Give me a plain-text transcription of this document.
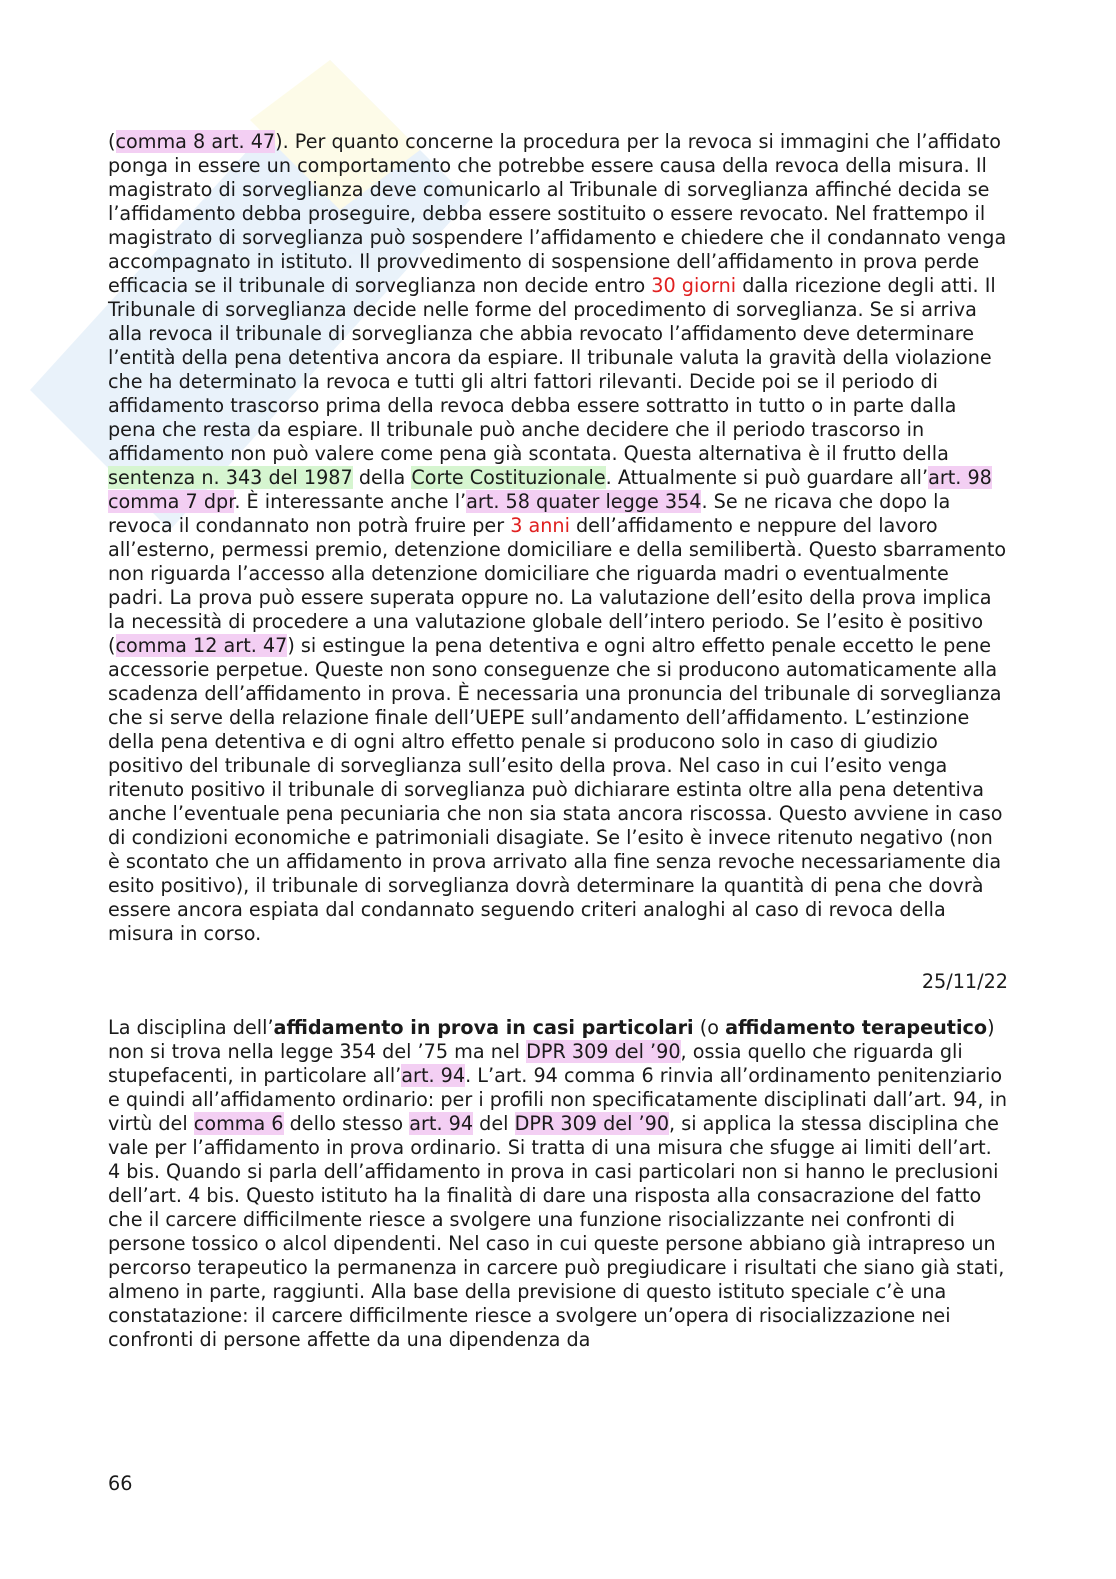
(comma 8 art. 47). Per quanto concerne la procedura per la revoca si immagini che l’affidato ponga in essere un comportamento che potrebbe essere causa della revoca della misura. Il magistrato di sorveglianza deve comunicarlo al Tribunale di sorveglianza affinché decida se l’affidamento debba proseguire, debba essere sostituito o essere revocato. Nel frattempo il magistrato di sorveglianza può sospendere l’affidamento e chiedere che il condannato venga accompagnato in istituto. Il provvedimento di sospensione dell’affidamento in prova perde efficacia se il tribunale di sorveglianza non decide entro 30 giorni dalla ricezione degli atti. Il Tribunale di sorveglianza decide nelle forme del procedimento di sorveglianza. Se si arriva alla revoca il tribunale di sorveglianza che abbia revocato l’affidamento deve determinare l’entità della pena detentiva ancora da espiare. Il tribunale valuta la gravità della violazione che ha determinato la revoca e tutti gli altri fattori rilevanti. Decide poi se il periodo di affidamento trascorso prima della revoca debba essere sottratto in tutto o in parte dalla pena che resta da espiare. Il tribunale può anche decidere che il periodo trascorso in affidamento non può valere come pena già scontata. Questa alternativa è il frutto della sentenza n. 343 del 1987 della Corte Costituzionale. Attualmente si può guardare all’art. 98 comma 7 dpr. È interessante anche l’art. 58 quater legge 354. Se ne ricava che dopo la revoca il condannato non potrà fruire per 3 anni dell’affidamento e neppure del lavoro all’esterno, permessi premio, detenzione domiciliare e della semilibertà. Questo sbarramento non riguarda l’accesso alla detenzione domiciliare che riguarda madri o eventualmente padri. La prova può essere superata oppure no. La valutazione dell’esito della prova implica la necessità di procedere a una valutazione globale dell’intero periodo. Se l’esito è positivo (comma 12 art. 47) si estingue la pena detentiva e ogni altro effetto penale eccetto le pene accessorie perpetue. Queste non sono conseguenze che si producono automaticamente alla scadenza dell’affidamento in prova. È necessaria una pronuncia del tribunale di sorveglianza che si serve della relazione finale dell’UEPE sull’andamento dell’affidamento. L’estinzione della pena detentiva e di ogni altro effetto penale si producono solo in caso di giudizio positivo del tribunale di sorveglianza sull’esito della prova. Nel caso in cui l’esito venga ritenuto positivo il tribunale di sorveglianza può dichiarare estinta oltre alla pena detentiva anche l’eventuale pena pecuniaria che non sia stata ancora riscossa. Questo avviene in caso di condizioni economiche e patrimoniali disagiate. Se l’esito è invece ritenuto negativo (non è scontato che un affidamento in prova arrivato alla fine senza revoche necessariamente dia esito positivo), il tribunale di sorveglianza dovrà determinare la quantità di pena che dovrà essere ancora espiata dal condannato seguendo criteri analoghi al caso di revoca della misura in corso.

25/11/22

La disciplina dell’affidamento in prova in casi particolari (o affidamento terapeutico) non si trova nella legge 354 del ’75 ma nel DPR 309 del ’90, ossia quello che riguarda gli stupefacenti, in particolare all’art. 94. L’art. 94 comma 6 rinvia all’ordinamento penitenziario e quindi all’affidamento ordinario: per i profili non specificatamente disciplinati dall’art. 94, in virtù del comma 6 dello stesso art. 94 del DPR 309 del ’90, si applica la stessa disciplina che vale per l’affidamento in prova ordinario. Si tratta di una misura che sfugge ai limiti dell’art. 4 bis. Quando si parla dell’affidamento in prova in casi particolari non si hanno le preclusioni dell’art. 4 bis. Questo istituto ha la finalità di dare una risposta alla consacrazione del fatto che il carcere difficilmente riesce a svolgere una funzione risocializzante nei confronti di persone tossico o alcol dipendenti. Nel caso in cui queste persone abbiano già intrapreso un percorso terapeutico la permanenza in carcere può pregiudicare i risultati che siano già stati, almeno in parte, raggiunti. Alla base della previsione di questo istituto speciale c’è una constatazione: il carcere difficilmente riesce a svolgere un’opera di risocializzazione nei confronti di persone affette da una dipendenza da

66
